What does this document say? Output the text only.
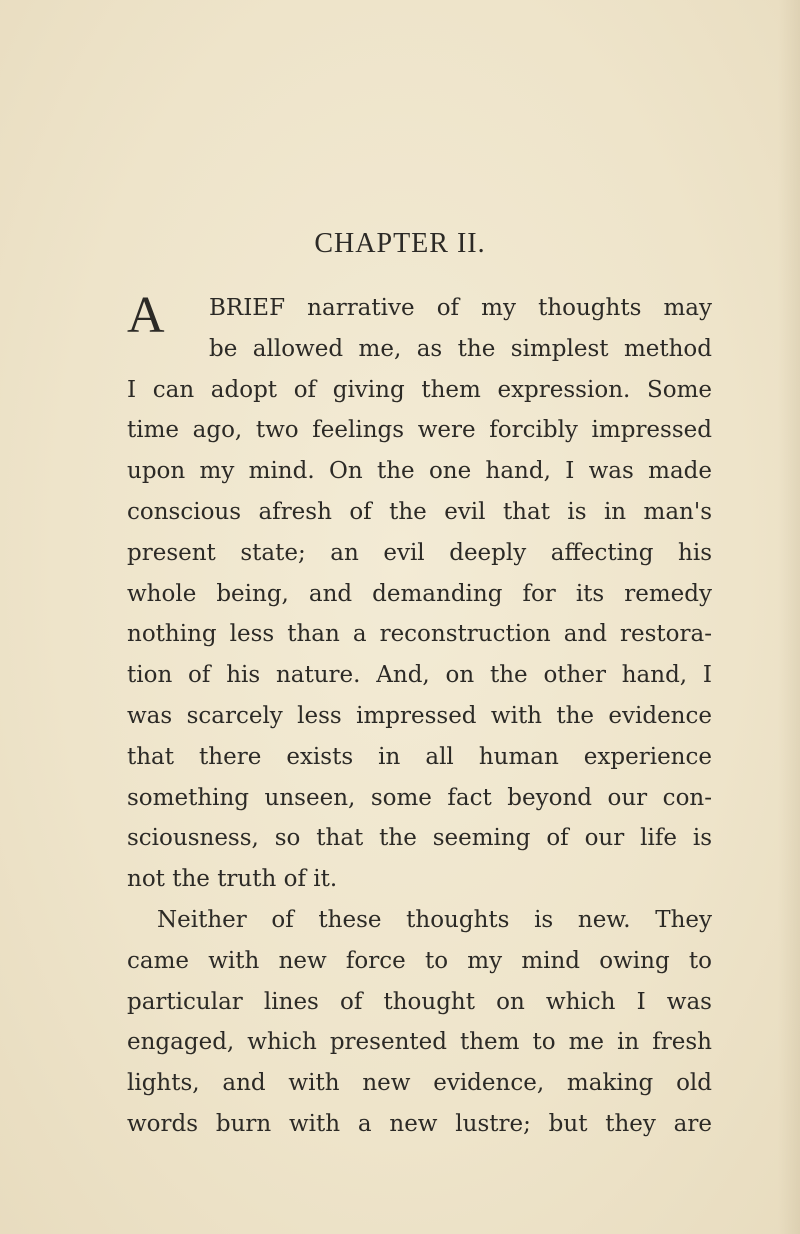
CHAPTER II.
A BRIEF narrative of my thoughts may
be allowed me, as the simplest method
I can adopt of giving them expression. Some
time ago, two feelings were forcibly impressed
upon my mind. On the one hand, I was made
conscious afresh of the evil that is in man's
present state; an evil deeply affecting his
whole being, and demanding for its remedy
nothing less than a reconstruction and restora-
tion of his nature. And, on the other hand, I
was scarcely less impressed with the evidence
that there exists in all human experience
something unseen, some fact beyond our con-
sciousness, so that the seeming of our life is
not the truth of it.
Neither of these thoughts is new. They
came with new force to my mind owing to
particular lines of thought on which I was
engaged, which presented them to me in fresh
lights, and with new evidence, making old
words burn with a new lustre; but they are
